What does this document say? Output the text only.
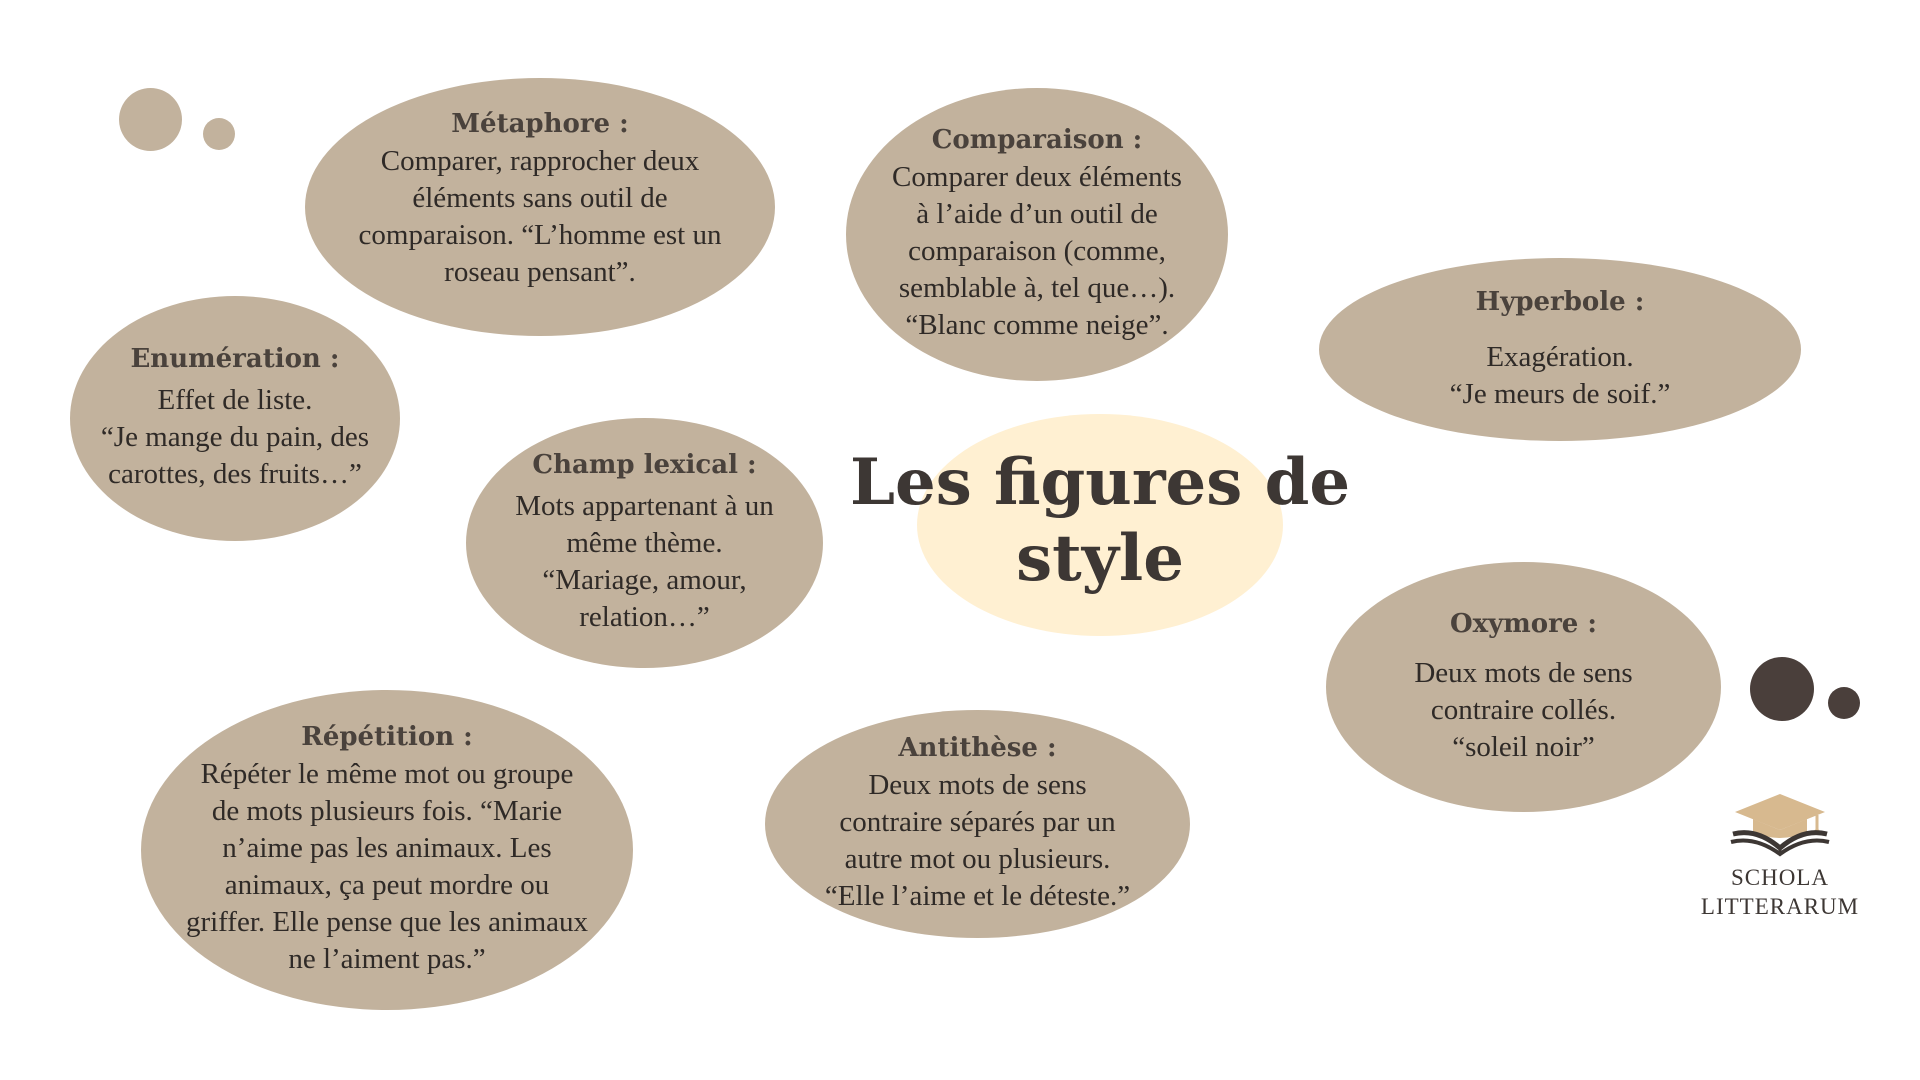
Les figures de
style
Métaphore :
Comparer, rapprocher deux
éléments sans outil de
comparaison. “L’homme est un
roseau pensant”.
Comparaison :
Comparer deux éléments
à l’aide d’un outil de
comparaison (comme,
semblable à, tel que…).
“Blanc comme neige”.
Hyperbole :
Exagération.
“Je meurs de soif.”
Enumération :
Effet de liste.
“Je mange du pain, des
carottes, des fruits…”	Champ lexical :
Mots appartenant à un
même thème.
“Mariage, amour,
relation…”	Oxymore :
Deux mots de sens
contraire collés.
“soleil noir”
Répétition :
Répéter le même mot ou groupe
de mots plusieurs fois. “Marie
n’aime pas les animaux. Les
animaux, ça peut mordre ou
griffer. Elle pense que les animaux
ne l’aiment pas.”
Antithèse :
Deux mots de sens
contraire séparés par un
autre mot ou plusieurs.
“Elle l’aime et le déteste.”
SCHOLA
LITTERARUM
